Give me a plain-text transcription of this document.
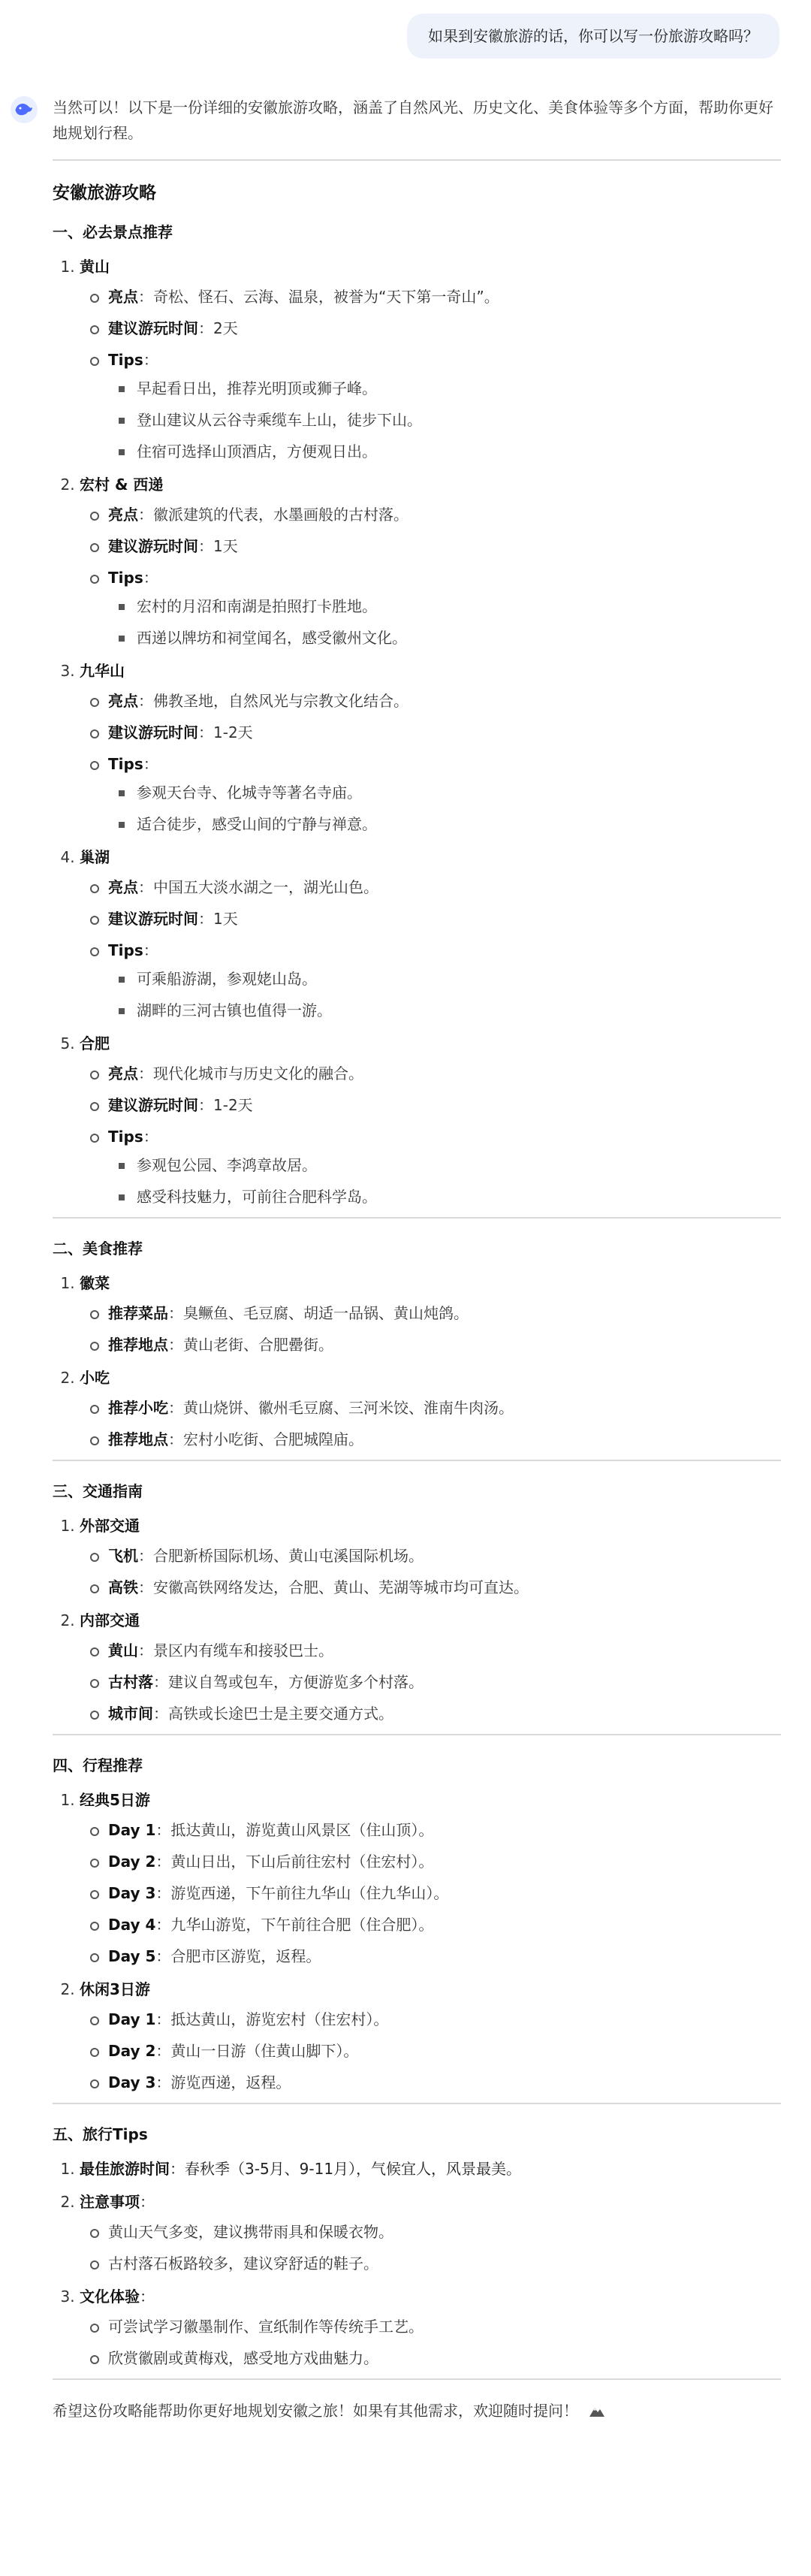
如果到安徽旅游的话，你可以写一份旅游攻略吗？

当然可以！以下是一份详细的安徽旅游攻略，涵盖了自然风光、历史文化、美食体验等多个方面，帮助你更好地规划行程。

安徽旅游攻略
一、必去景点推荐
1. 黄山
亮点：奇松、怪石、云海、温泉，被誉为“天下第一奇山”。
建议游玩时间：2天
Tips：
早起看日出，推荐光明顶或狮子峰。
登山建议从云谷寺乘缆车上山，徒步下山。
住宿可选择山顶酒店，方便观日出。
2. 宏村 & 西递
亮点：徽派建筑的代表，水墨画般的古村落。
建议游玩时间：1天
Tips：
宏村的月沼和南湖是拍照打卡胜地。
西递以牌坊和祠堂闻名，感受徽州文化。
3. 九华山
亮点：佛教圣地，自然风光与宗教文化结合。
建议游玩时间：1-2天
Tips：
参观天台寺、化城寺等著名寺庙。
适合徒步，感受山间的宁静与禅意。
4. 巢湖
亮点：中国五大淡水湖之一，湖光山色。
建议游玩时间：1天
Tips：
可乘船游湖，参观姥山岛。
湖畔的三河古镇也值得一游。
5. 合肥
亮点：现代化城市与历史文化的融合。
建议游玩时间：1-2天
Tips：
参观包公园、李鸿章故居。
感受科技魅力，可前往合肥科学岛。
二、美食推荐
1. 徽菜
推荐菜品：臭鳜鱼、毛豆腐、胡适一品锅、黄山炖鸽。
推荐地点：黄山老街、合肥罍街。
2. 小吃
推荐小吃：黄山烧饼、徽州毛豆腐、三河米饺、淮南牛肉汤。
推荐地点：宏村小吃街、合肥城隍庙。
三、交通指南
1. 外部交通
飞机：合肥新桥国际机场、黄山屯溪国际机场。
高铁：安徽高铁网络发达，合肥、黄山、芜湖等城市均可直达。
2. 内部交通
黄山：景区内有缆车和接驳巴士。
古村落：建议自驾或包车，方便游览多个村落。
城市间：高铁或长途巴士是主要交通方式。
四、行程推荐
1. 经典5日游
Day 1：抵达黄山，游览黄山风景区（住山顶）。
Day 2：黄山日出，下山后前往宏村（住宏村）。
Day 3：游览西递，下午前往九华山（住九华山）。
Day 4：九华山游览，下午前往合肥（住合肥）。
Day 5：合肥市区游览，返程。
2. 休闲3日游
Day 1：抵达黄山，游览宏村（住宏村）。
Day 2：黄山一日游（住黄山脚下）。
Day 3：游览西递，返程。
五、旅行Tips
1. 最佳旅游时间：春秋季（3-5月、9-11月），气候宜人，风景最美。
2. 注意事项：
黄山天气多变，建议携带雨具和保暖衣物。
古村落石板路较多，建议穿舒适的鞋子。
3. 文化体验：
可尝试学习徽墨制作、宣纸制作等传统手工艺。
欣赏徽剧或黄梅戏，感受地方戏曲魅力。
希望这份攻略能帮助你更好地规划安徽之旅！如果有其他需求，欢迎随时提问！
